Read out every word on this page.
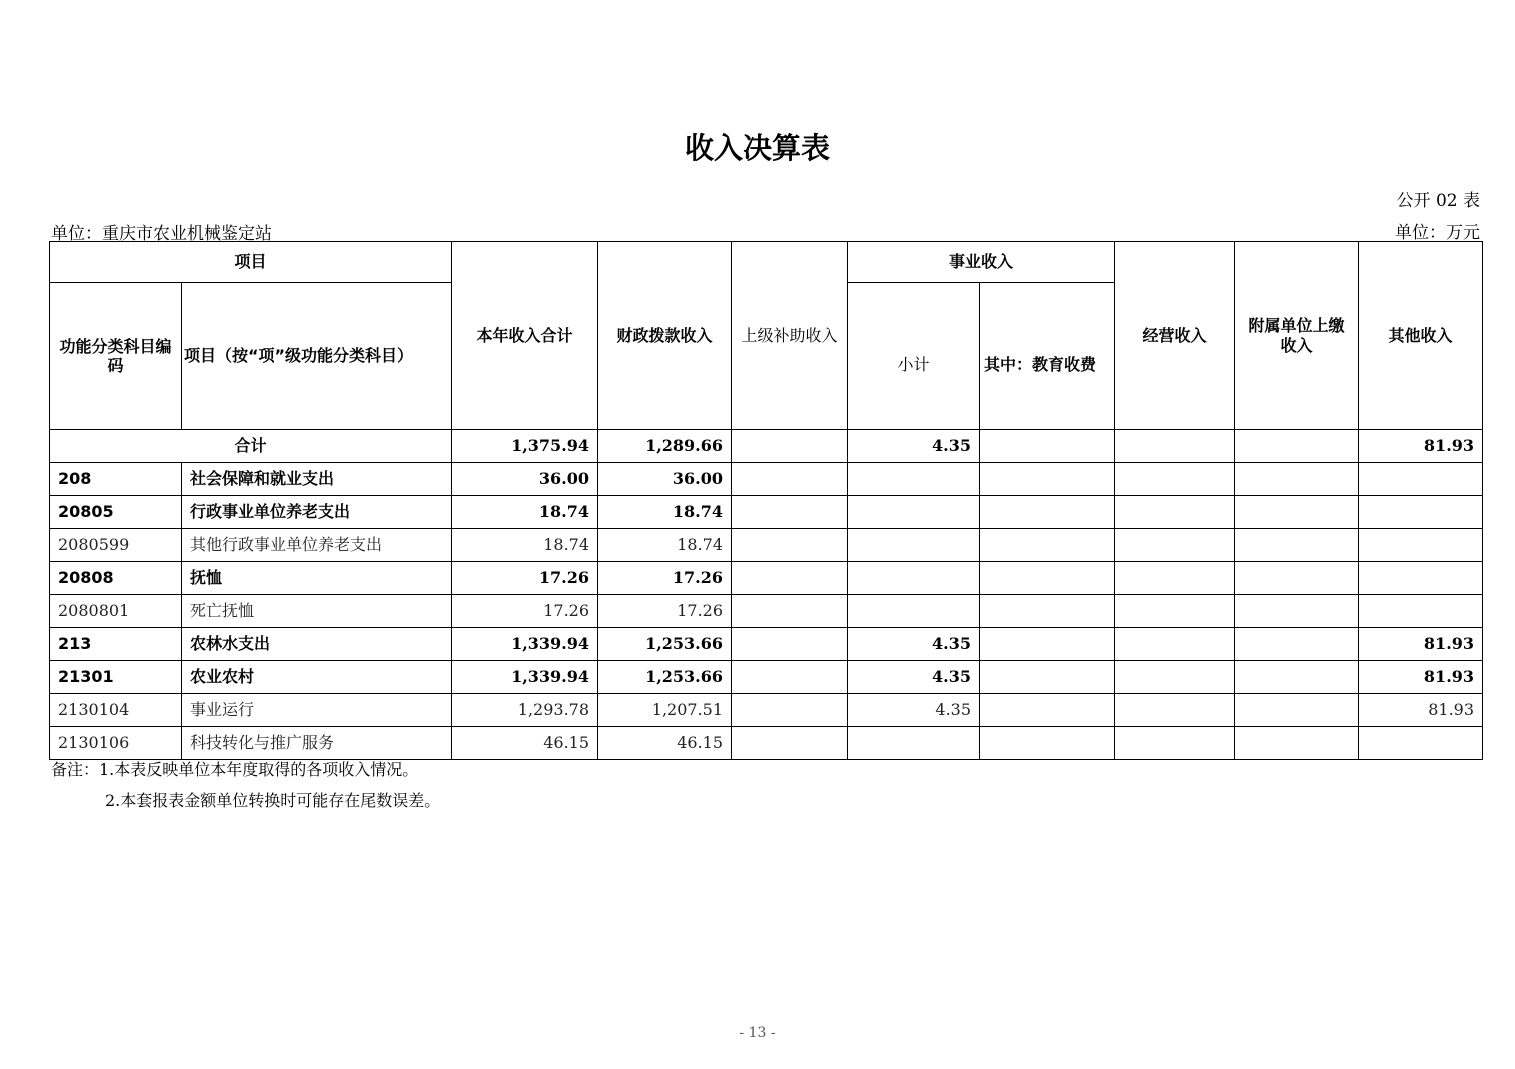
收入决算表
公开 02 表
单位：重庆市农业机械鉴定站	单位：万元
项目		本年收入合计	财政拨款收入	上级补助收入	事业收入		经营收入	附属单位上缴收入	其他收入
功能分类科目编码	项目（按“项”级功能分类科目）				小计	其中：教育收费			
合计		1,375.94	1,289.66		4.35				81.93
208	社会保障和就业支出	36.00	36.00						
20805	行政事业单位养老支出	18.74	18.74						
2080599	其他行政事业单位养老支出	18.74	18.74						
20808	抚恤	17.26	17.26						
2080801	死亡抚恤	17.26	17.26						
213	农林水支出	1,339.94	1,253.66		4.35				81.93
21301	农业农村	1,339.94	1,253.66		4.35				81.93
2130104	事业运行	1,293.78	1,207.51		4.35				81.93
2130106	科技转化与推广服务	46.15	46.15						
备注：1.本表反映单位本年度取得的各项收入情况。
2.本套报表金额单位转换时可能存在尾数误差。
- 13 -
